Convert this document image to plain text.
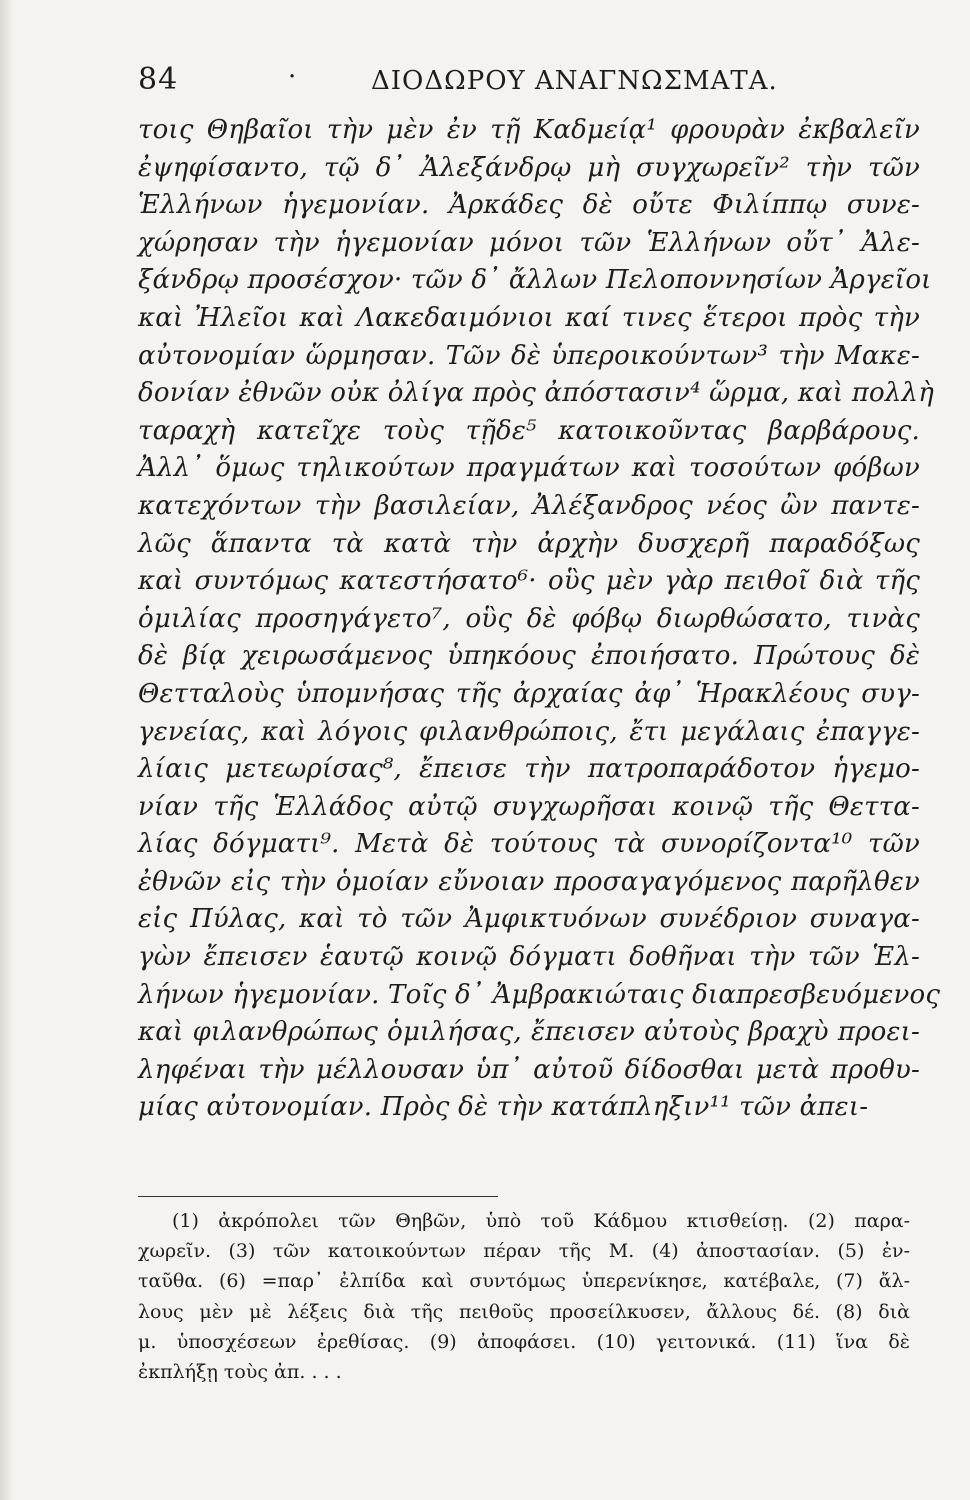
84	·	ΔΙΟΔΩΡΟΥ ΑΝΑΓΝΩΣΜΑΤΑ.
τοις Θηβαῖοι τὴν μὲν ἐν τῇ Καδμείᾳ¹ φρουρὰν ἐκβαλεῖν
ἐψηφίσαντο, τῷ δ᾽ Ἀλεξάνδρῳ μὴ συγχωρεῖν² τὴν τῶν
Ἑλλήνων ἡγεμονίαν. Ἀρκάδες δὲ οὔτε Φιλίππῳ συνε-
χώρησαν τὴν ἡγεμονίαν μόνοι τῶν Ἑλλήνων οὔτ᾽ Ἀλε-
ξάνδρῳ προσέσχον· τῶν δ᾽ ἄλλων Πελοποννησίων Ἀργεῖοι
καὶ Ἠλεῖοι καὶ Λακεδαιμόνιοι καί τινες ἕτεροι πρὸς τὴν
αὐτονομίαν ὥρμησαν. Τῶν δὲ ὑπεροικούντων³ τὴν Μακε-
δονίαν ἐθνῶν οὐκ ὀλίγα πρὸς ἀπόστασιν⁴ ὥρμα, καὶ πολλὴ
ταραχὴ κατεῖχε τοὺς τῇδε⁵ κατοικοῦντας βαρβάρους.
Ἀλλ᾽ ὅμως τηλικούτων πραγμάτων καὶ τοσούτων φόβων
κατεχόντων τὴν βασιλείαν, Ἀλέξανδρος νέος ὢν παντε-
λῶς ἅπαντα τὰ κατὰ τὴν ἀρχὴν δυσχερῆ παραδόξως
καὶ συντόμως κατεστήσατο⁶· οὓς μὲν γὰρ πειθοῖ διὰ τῆς
ὁμιλίας προσηγάγετο⁷, οὓς δὲ φόβῳ διωρθώσατο, τινὰς
δὲ βίᾳ χειρωσάμενος ὑπηκόους ἐποιήσατο. Πρώτους δὲ
Θετταλοὺς ὑπομνήσας τῆς ἀρχαίας ἀφ᾽ Ἡρακλέους συγ-
γενείας, καὶ λόγοις φιλανθρώποις, ἔτι μεγάλαις ἐπαγγε-
λίαις μετεωρίσας⁸, ἔπεισε τὴν πατροπαράδοτον ἡγεμο-
νίαν τῆς Ἑλλάδος αὐτῷ συγχωρῆσαι κοινῷ τῆς Θεττα-
λίας δόγματι⁹. Μετὰ δὲ τούτους τὰ συνορίζοντα¹⁰ τῶν
ἐθνῶν εἰς τὴν ὁμοίαν εὔνοιαν προσαγαγόμενος παρῆλθεν
εἰς Πύλας, καὶ τὸ τῶν Ἀμφικτυόνων συνέδριον συναγα-
γὼν ἔπεισεν ἑαυτῷ κοινῷ δόγματι δοθῆναι τὴν τῶν Ἑλ-
λήνων ἡγεμονίαν. Τοῖς δ᾽ Ἀμβρακιώταις διαπρεσβευόμενος
καὶ φιλανθρώπως ὁμιλήσας, ἔπεισεν αὐτοὺς βραχὺ προει-
ληφέναι τὴν μέλλουσαν ὑπ᾽ αὐτοῦ δίδοσθαι μετὰ προθυ-
μίας αὐτονομίαν. Πρὸς δὲ τὴν κατάπληξιν¹¹ τῶν ἀπει-
(1) ἀκρόπολει τῶν Θηβῶν, ὑπὸ τοῦ Κάδμου κτισθείσῃ. (2) παρα-
χωρεῖν. (3) τῶν κατοικούντων πέραν τῆς Μ. (4) ἀποστασίαν. (5) ἐν-
ταῦθα. (6) =παρ᾽ ἐλπίδα καὶ συντόμως ὑπερενίκησε, κατέβαλε, (7) ἄλ-
λους μὲν μὲ λέξεις διὰ τῆς πειθοῦς προσείλκυσεν, ἄλλους δέ. (8) διὰ
μ. ὑποσχέσεων ἐρεθίσας. (9) ἀποφάσει. (10) γειτονικά. (11) ἵνα δὲ
ἐκπλήξῃ τοὺς ἀπ. . . .
